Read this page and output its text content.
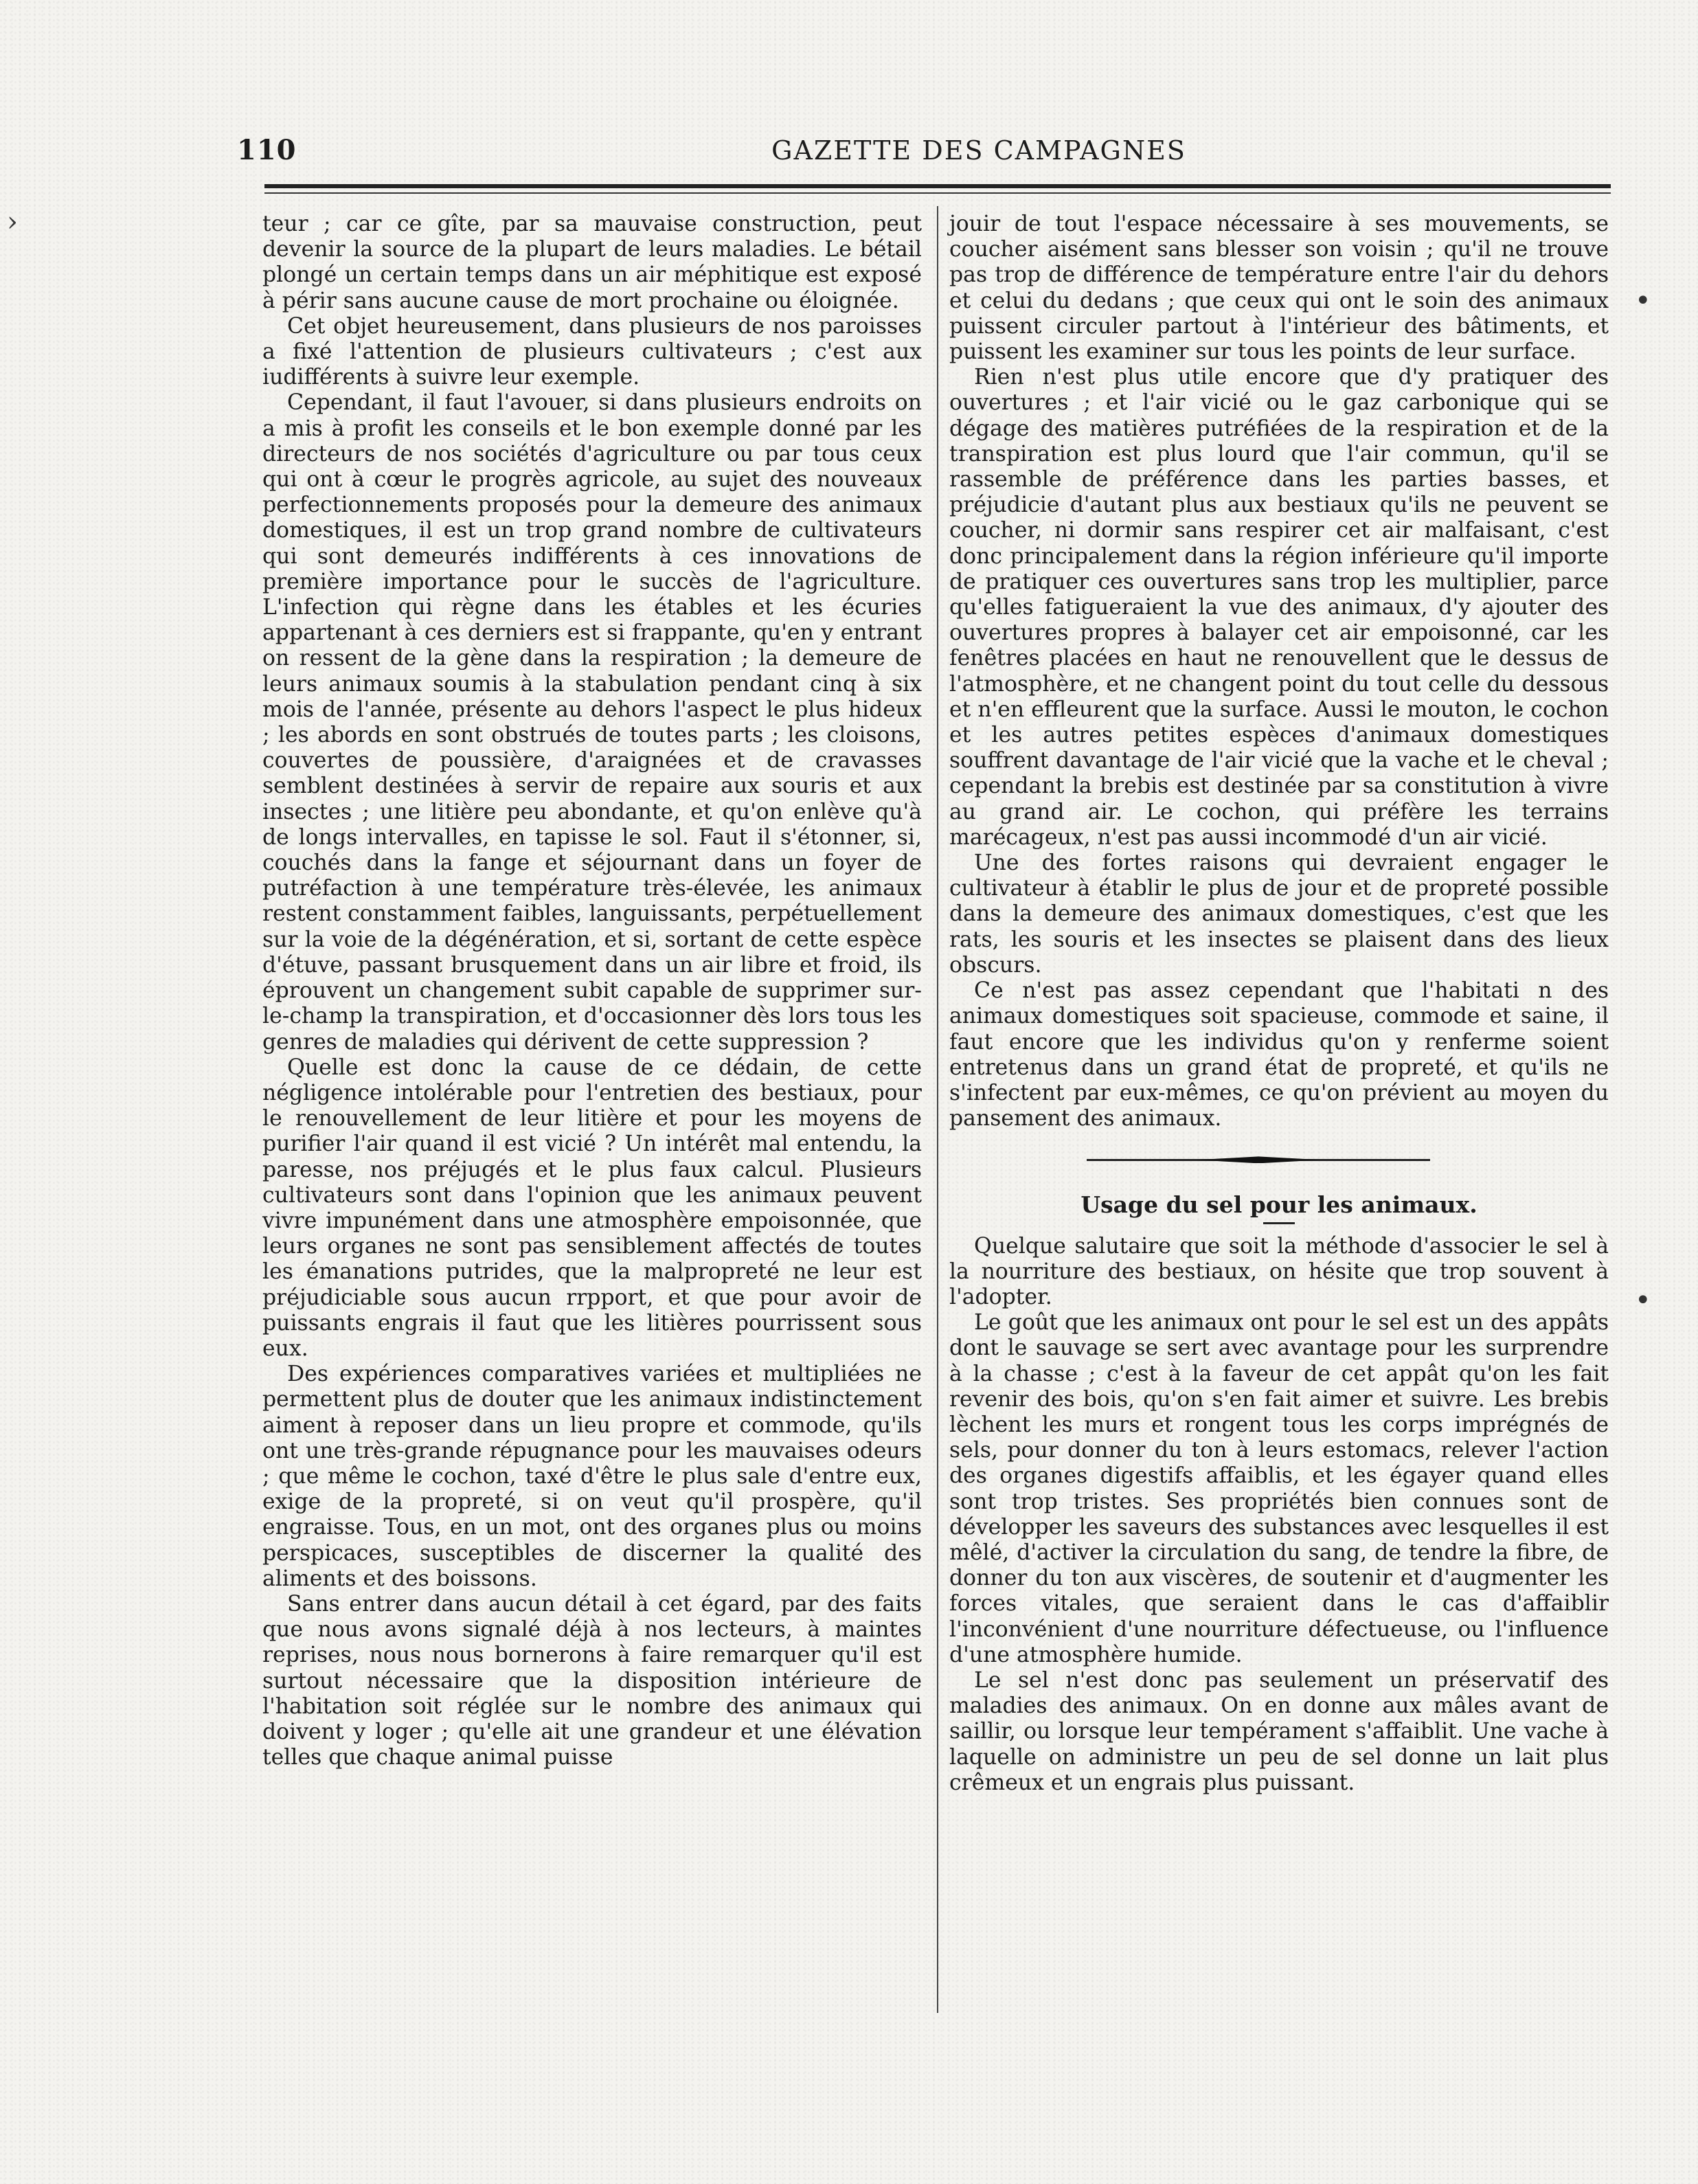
110	GAZETTE DES CAMPAGNES

teur ; car ce gîte, par sa mauvaise construction, peut devenir la source de la plupart de leurs maladies. Le bétail plongé un certain temps dans un air méphitique est exposé à périr sans aucune cause de mort prochaine ou éloignée.

Cet objet heureusement, dans plusieurs de nos paroisses a fixé l'attention de plusieurs cultivateurs ; c'est aux iudifférents à suivre leur exemple.

Cependant, il faut l'avouer, si dans plusieurs endroits on a mis à profit les conseils et le bon exemple donné par les directeurs de nos sociétés d'agriculture ou par tous ceux qui ont à cœur le progrès agricole, au sujet des nouveaux perfectionnements proposés pour la demeure des animaux domestiques, il est un trop grand nombre de cultivateurs qui sont demeurés indifférents à ces innovations de première importance pour le succès de l'agriculture. L'infection qui règne dans les étables et les écuries appartenant à ces derniers est si frappante, qu'en y entrant on ressent de la gène dans la respiration ; la demeure de leurs animaux soumis à la stabulation pendant cinq à six mois de l'année, présente au dehors l'aspect le plus hideux ; les abords en sont obstrués de toutes parts ; les cloisons, couvertes de poussière, d'araignées et de cravasses semblent destinées à servir de repaire aux souris et aux insectes ; une litière peu abondante, et qu'on enlève qu'à de longs intervalles, en tapisse le sol. Faut il s'étonner, si, couchés dans la fange et séjournant dans un foyer de putréfaction à une température très-élevée, les animaux restent constamment faibles, languissants, perpétuellement sur la voie de la dégénération, et si, sortant de cette espèce d'étuve, passant brusquement dans un air libre et froid, ils éprouvent un changement subit capable de supprimer sur-le-champ la transpiration, et d'occasionner dès lors tous les genres de maladies qui dérivent de cette suppression ?

Quelle est donc la cause de ce dédain, de cette négligence intolérable pour l'entretien des bestiaux, pour le renouvellement de leur litière et pour les moyens de purifier l'air quand il est vicié ? Un intérêt mal entendu, la paresse, nos préjugés et le plus faux calcul. Plusieurs cultivateurs sont dans l'opinion que les animaux peuvent vivre impunément dans une atmosphère empoisonnée, que leurs organes ne sont pas sensiblement affectés de toutes les émanations putrides, que la malpropreté ne leur est préjudiciable sous aucun rrpport, et que pour avoir de puissants engrais il faut que les litières pourrissent sous eux.

Des expériences comparatives variées et multipliées ne permettent plus de douter que les animaux indistinctement aiment à reposer dans un lieu propre et commode, qu'ils ont une très-grande répugnance pour les mauvaises odeurs ; que même le cochon, taxé d'être le plus sale d'entre eux, exige de la propreté, si on veut qu'il prospère, qu'il engraisse. Tous, en un mot, ont des organes plus ou moins perspicaces, susceptibles de discerner la qualité des aliments et des boissons.

Sans entrer dans aucun détail à cet égard, par des faits que nous avons signalé déjà à nos lecteurs, à maintes reprises, nous nous bornerons à faire remarquer qu'il est surtout nécessaire que la disposition intérieure de l'habitation soit réglée sur le nombre des animaux qui doivent y loger ; qu'elle ait une grandeur et une élévation telles que chaque animal puisse

jouir de tout l'espace nécessaire à ses mouvements, se coucher aisément sans blesser son voisin ; qu'il ne trouve pas trop de différence de température entre l'air du dehors et celui du dedans ; que ceux qui ont le soin des animaux puissent circuler partout à l'intérieur des bâtiments, et puissent les examiner sur tous les points de leur surface.

Rien n'est plus utile encore que d'y pratiquer des ouvertures ; et l'air vicié ou le gaz carbonique qui se dégage des matières putréfiées de la respiration et de la transpiration est plus lourd que l'air commun, qu'il se rassemble de préférence dans les parties basses, et préjudicie d'autant plus aux bestiaux qu'ils ne peuvent se coucher, ni dormir sans respirer cet air malfaisant, c'est donc principalement dans la région inférieure qu'il importe de pratiquer ces ouvertures sans trop les multiplier, parce qu'elles fatigueraient la vue des animaux, d'y ajouter des ouvertures propres à balayer cet air empoisonné, car les fenêtres placées en haut ne renouvellent que le dessus de l'atmosphère, et ne changent point du tout celle du dessous et n'en effleurent que la surface. Aussi le mouton, le cochon et les autres petites espèces d'animaux domestiques souffrent davantage de l'air vicié que la vache et le cheval ; cependant la brebis est destinée par sa constitution à vivre au grand air. Le cochon, qui préfère les terrains marécageux, n'est pas aussi incommodé d'un air vicié.

Une des fortes raisons qui devraient engager le cultivateur à établir le plus de jour et de propreté possible dans la demeure des animaux domestiques, c'est que les rats, les souris et les insectes se plaisent dans des lieux obscurs.

Ce n'est pas assez cependant que l'habitati n des animaux domestiques soit spacieuse, commode et saine, il faut encore que les individus qu'on y renferme soient entretenus dans un grand état de propreté, et qu'ils ne s'infectent par eux-mêmes, ce qu'on prévient au moyen du pansement des animaux.

Usage du sel pour les animaux.

Quelque salutaire que soit la méthode d'associer le sel à la nourriture des bestiaux, on hésite que trop souvent à l'adopter.

Le goût que les animaux ont pour le sel est un des appâts dont le sauvage se sert avec avantage pour les surprendre à la chasse ; c'est à la faveur de cet appât qu'on les fait revenir des bois, qu'on s'en fait aimer et suivre. Les brebis lèchent les murs et rongent tous les corps imprégnés de sels, pour donner du ton à leurs estomacs, relever l'action des organes digestifs affaiblis, et les égayer quand elles sont trop tristes. Ses propriétés bien connues sont de développer les saveurs des substances avec lesquelles il est mêlé, d'activer la circulation du sang, de tendre la fibre, de donner du ton aux viscères, de soutenir et d'augmenter les forces vitales, que seraient dans le cas d'affaiblir l'inconvénient d'une nourriture défectueuse, ou l'influence d'une atmosphère humide.

Le sel n'est donc pas seulement un préservatif des maladies des animaux. On en donne aux mâles avant de saillir, ou lorsque leur tempérament s'affaiblit. Une vache à laquelle on administre un peu de sel donne un lait plus crêmeux et un engrais plus puissant.

•
•
›
